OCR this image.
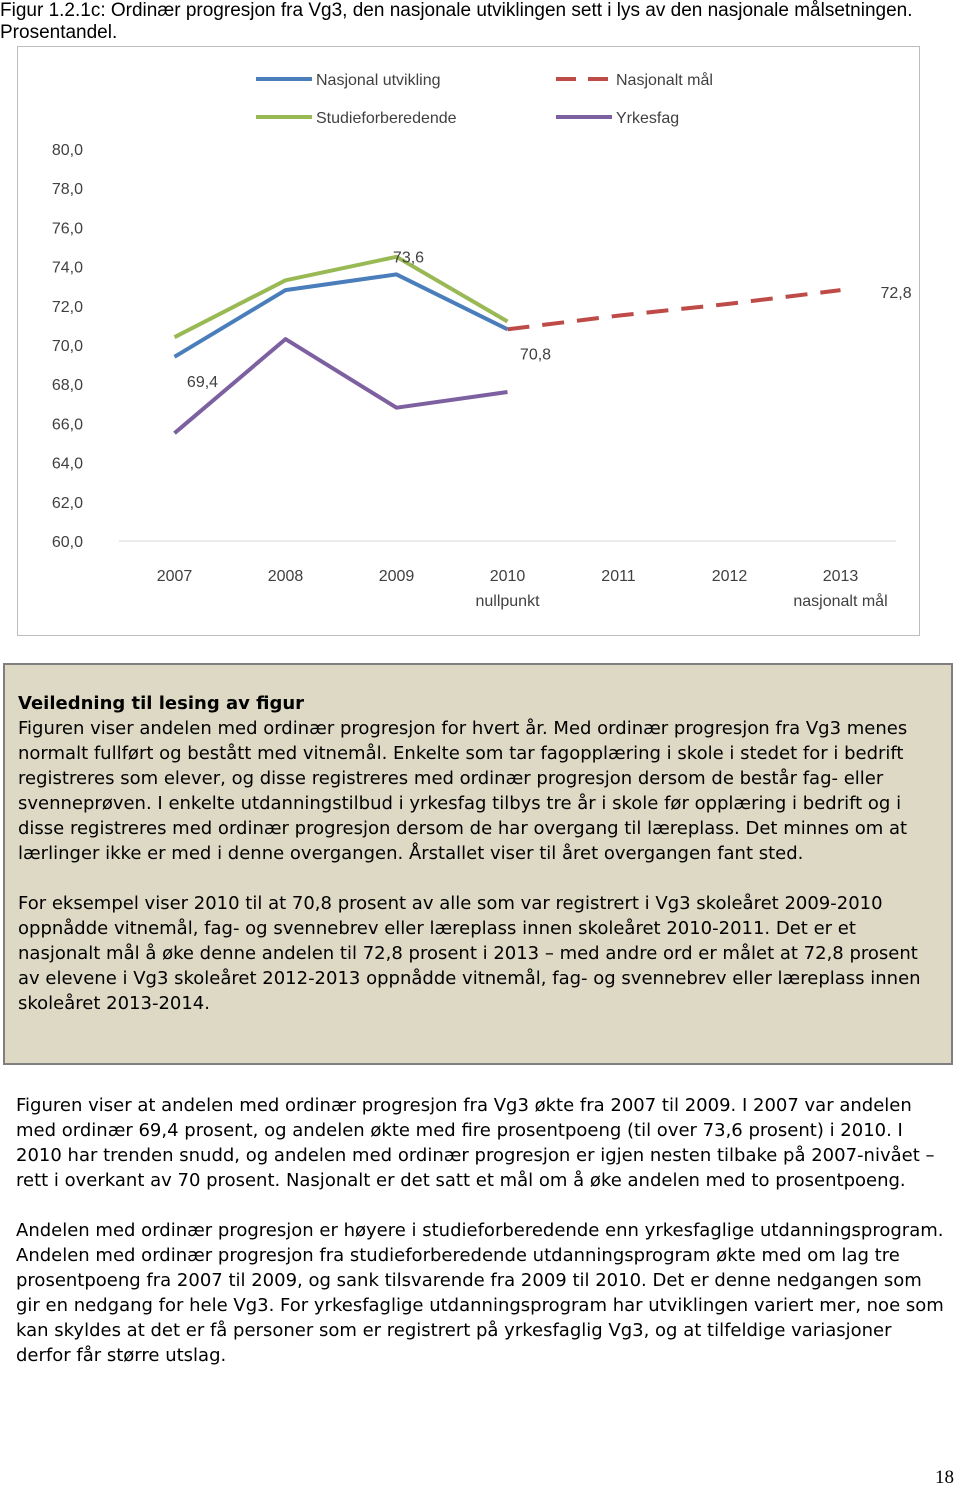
Figur 1.2.1c: Ordinær progresjon fra Vg3, den nasjonale utviklingen sett i lys av den nasjonale målsetningen. Prosentandel.
80,0
78,0
76,0
74,0
72,0
70,0
68,0
66,0
64,0
62,0
60,0
2007	2008	2009	2010
nullpunkt
2011	2012	2013
nasjonalt mål
69,4
73,6
70,8
72,8
Nasjonal utvikling	Nasjonalt mål
Studieforberedende	Yrkesfag
Veiledning til lesing av figur

Figuren viser andelen med ordinær progresjon for hvert år. Med ordinær progresjon fra Vg3 menes normalt fullført og bestått med vitnemål. Enkelte som tar fagopplæring i skole i stedet for i bedrift registreres som elever, og disse registreres med ordinær progresjon dersom de består fag- eller svenneprøven. I enkelte utdanningstilbud i yrkesfag tilbys tre år i skole før opplæring i bedrift og i disse registreres med ordinær progresjon dersom de har overgang til læreplass. Det minnes om at lærlinger ikke er med i denne overgangen. Årstallet viser til året overgangen fant sted.

For eksempel viser 2010 til at 70,8 prosent av alle som var registrert i Vg3 skoleåret 2009-2010 oppnådde vitnemål, fag- og svennebrev eller læreplass innen skoleåret 2010-2011. Det er et nasjonalt mål å øke denne andelen til 72,8 prosent i 2013 – med andre ord er målet at 72,8 prosent av elevene i Vg3 skoleåret 2012-2013 oppnådde vitnemål, fag- og svennebrev eller læreplass innen skoleåret 2013-2014.

Figuren viser at andelen med ordinær progresjon fra Vg3 økte fra 2007 til 2009. I 2007 var andelen med ordinær 69,4 prosent, og andelen økte med fire prosentpoeng (til over 73,6 prosent) i 2010. I 2010 har trenden snudd, og andelen med ordinær progresjon er igjen nesten tilbake på 2007-nivået – rett i overkant av 70 prosent. Nasjonalt er det satt et mål om å øke andelen med to prosentpoeng.

Andelen med ordinær progresjon er høyere i studieforberedende enn yrkesfaglige utdanningsprogram. Andelen med ordinær progresjon fra studieforberedende utdanningsprogram økte med om lag tre prosentpoeng fra 2007 til 2009, og sank tilsvarende fra 2009 til 2010. Det er denne nedgangen som gir en nedgang for hele Vg3. For yrkesfaglige utdanningsprogram har utviklingen variert mer, noe som kan skyldes at det er få personer som er registrert på yrkesfaglig Vg3, og at tilfeldige variasjoner derfor får større utslag.

18
